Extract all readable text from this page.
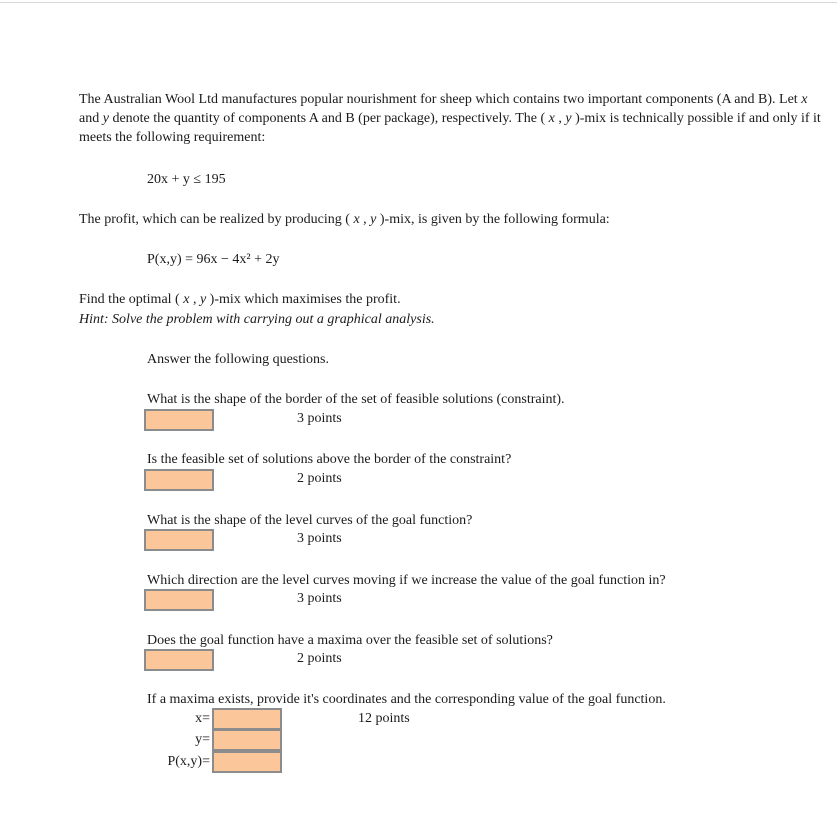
The Australian Wool Ltd manufactures popular nourishment for sheep which contains two important components (A and B). Let x and y denote the quantity of components A and B (per package), respectively. The ( x , y )-mix is technically possible if and only if it meets the following requirement:
20x + y ≤ 195
The profit, which can be realized by producing ( x , y )-mix, is given by the following formula:
P(x,y) = 96x − 4x² + 2y
Find the optimal ( x , y )-mix which maximises the profit.
Hint: Solve the problem with carrying out a graphical analysis.
Answer the following questions.
What is the shape of the border of the set of feasible solutions (constraint).
3 points
Is the feasible set of solutions above the border of the constraint?
2 points
What is the shape of the level curves of the goal function?
3 points
Which direction are the level curves moving if we increase the value of the goal function in?
3 points
Does the goal function have a maxima over the feasible set of solutions?
2 points
If a maxima exists, provide it's coordinates and the corresponding value of the goal function.
12 points
x=
y=
P(x,y)=
